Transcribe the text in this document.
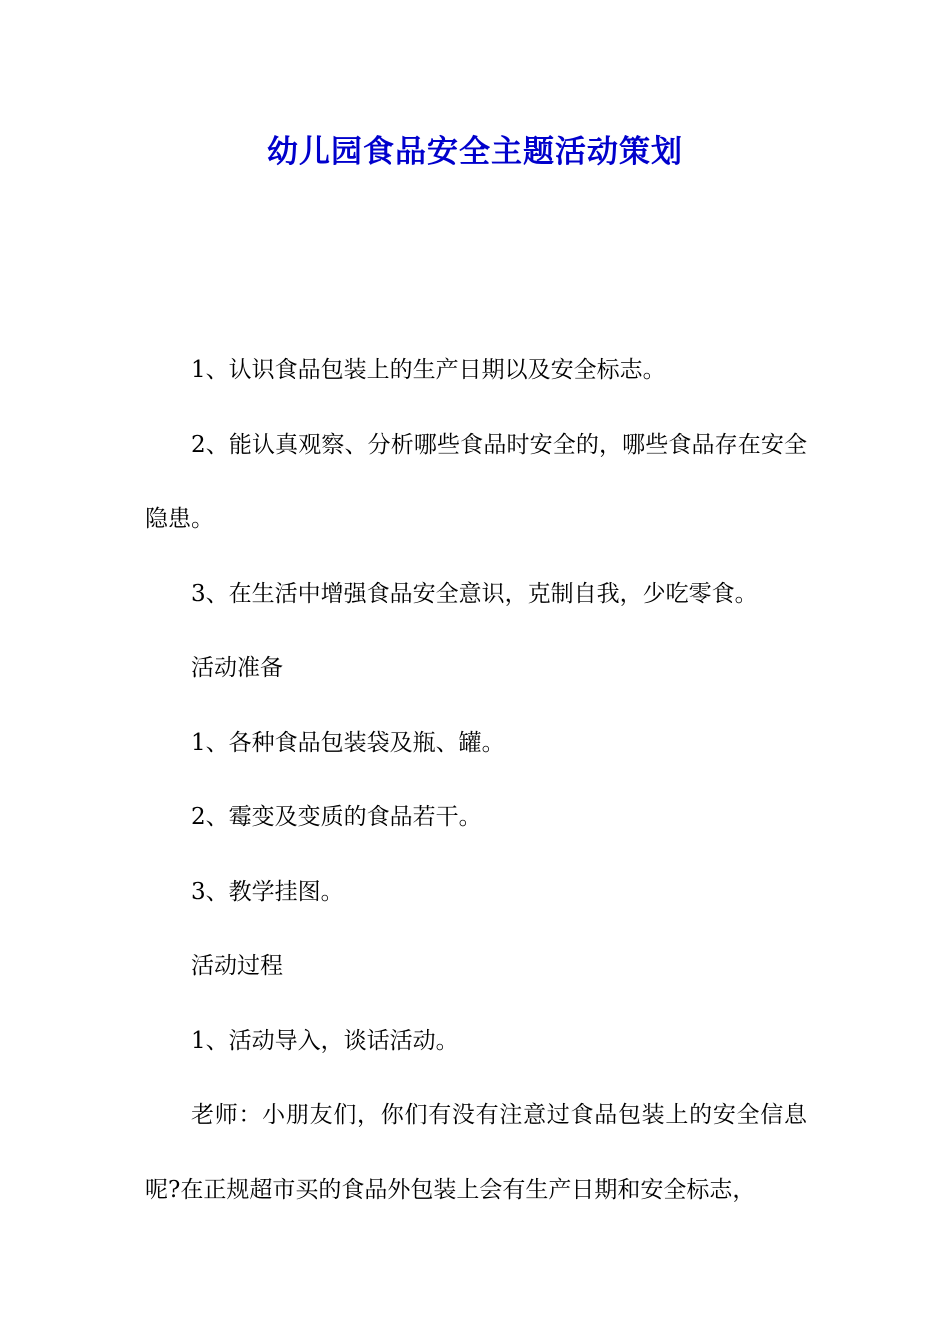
幼儿园食品安全主题活动策划

1、认识食品包装上的生产日期以及安全标志。

2、能认真观察、分析哪些食品时安全的，哪些食品存在安全隐患。

3、在生活中增强食品安全意识，克制自我，少吃零食。

活动准备

1、各种食品包装袋及瓶、罐。

2、霉变及变质的食品若干。

3、教学挂图。

活动过程

1、活动导入，谈话活动。

老师：小朋友们，你们有没有注意过食品包装上的安全信息呢?在正规超市买的食品外包装上会有生产日期和安全标志，
